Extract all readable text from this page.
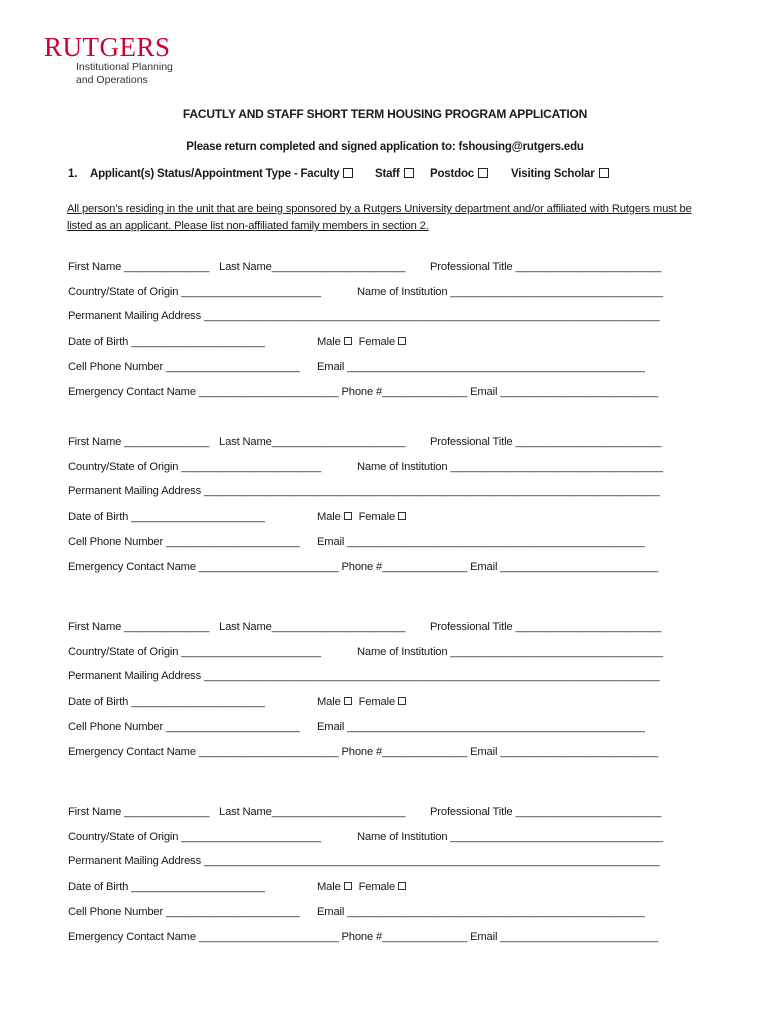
RUTGERS
Institutional Planning
and Operations
FACUTLY AND STAFF SHORT TERM HOUSING PROGRAM APPLICATION
Please return completed and signed application to: fshousing@rutgers.edu
1. Applicant(s) Status/Appointment Type - Faculty	Staff	Postdoc	Visiting Scholar
All person’s residing in the unit that are being sponsored by a Rutgers University department and/or affiliated with Rutgers must be listed as an applicant. Please list non-affiliated family members in section 2.
First Name ______________ Last Name______________________ Professional Title ________________________
Country/State of Origin _______________________	Name of Institution ___________________________________
Permanent Mailing Address ___________________________________________________________________________
Date of Birth ______________________	Male Female
Cell Phone Number ______________________ Email _________________________________________________
Emergency Contact Name _______________________ Phone #______________ Email __________________________
First Name ______________ Last Name______________________ Professional Title ________________________
Country/State of Origin _______________________	Name of Institution ___________________________________
Permanent Mailing Address ___________________________________________________________________________
Date of Birth ______________________	Male Female
Cell Phone Number ______________________ Email _________________________________________________
Emergency Contact Name _______________________ Phone #______________ Email __________________________
First Name ______________ Last Name______________________ Professional Title ________________________
Country/State of Origin _______________________	Name of Institution ___________________________________
Permanent Mailing Address ___________________________________________________________________________
Date of Birth ______________________	Male Female
Cell Phone Number ______________________ Email _________________________________________________
Emergency Contact Name _______________________ Phone #______________ Email __________________________
First Name ______________ Last Name______________________ Professional Title ________________________
Country/State of Origin _______________________	Name of Institution ___________________________________
Permanent Mailing Address ___________________________________________________________________________
Date of Birth ______________________	Male Female
Cell Phone Number ______________________ Email _________________________________________________
Emergency Contact Name _______________________ Phone #______________ Email __________________________
